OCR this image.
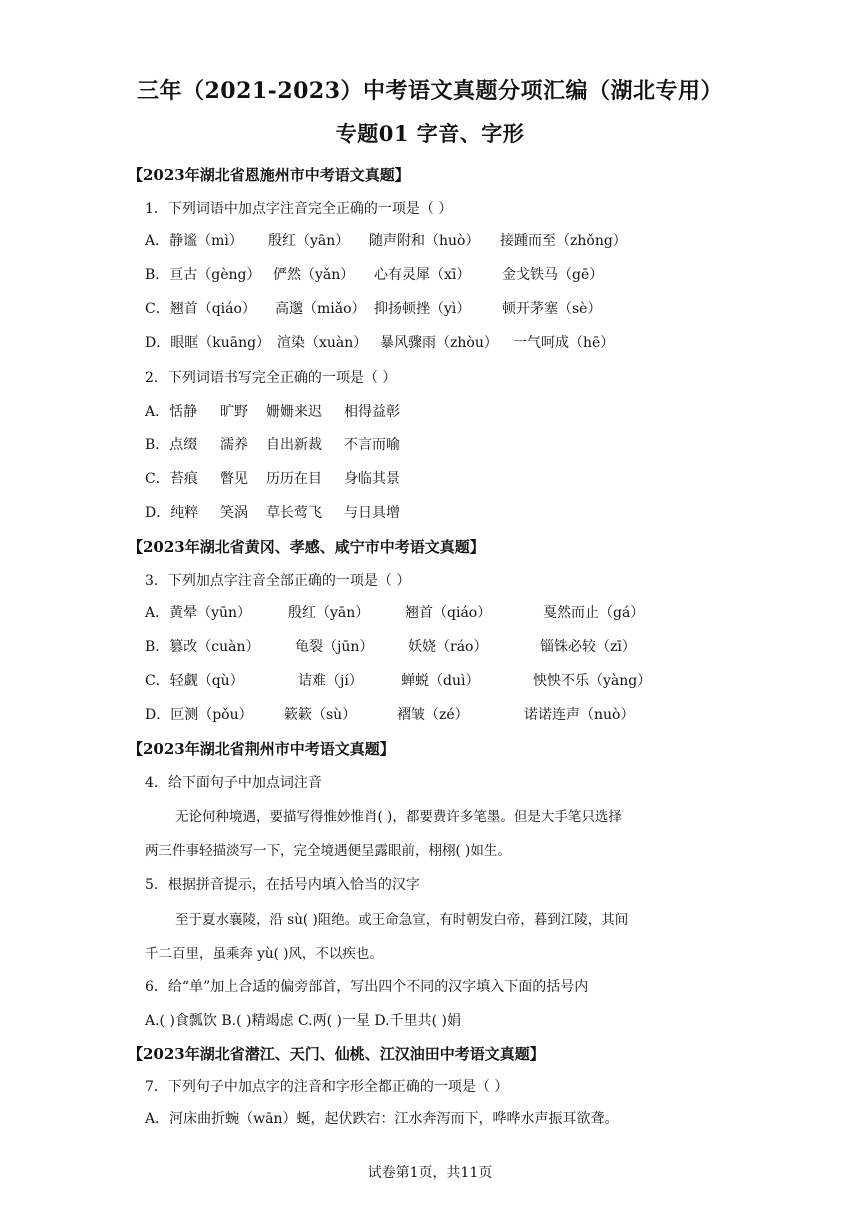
三年（2021-2023）中考语文真题分项汇编（湖北专用）
专题01 字音、字形
【2023年湖北省恩施州市中考语文真题】
1．下列词语中加点字注音完全正确的一项是（ ）
A．静谧（mì） 殷红（yān） 随声附和（huò） 接踵而至（zhǒng）
B．亘古（gèng） 俨然（yǎn） 心有灵犀（xī） 金戈铁马（gē）
C．翘首（qiáo） 高邈（miǎo） 抑扬顿挫（yì） 顿开茅塞（sè）
D．眼眶（kuāng） 渲染（xuàn） 暴风骤雨（zhòu） 一气呵成（hē）
2．下列词语书写完全正确的一项是（ ）
A．恬静 旷野 姗姗来迟 相得益彰
B．点缀 濡养 自出新裁 不言而喻
C．苔痕 瞥见 历历在目 身临其景
D．纯粹 笑涡 草长莺飞 与日具增
【2023年湖北省黄冈、孝感、咸宁市中考语文真题】
3．下列加点字注音全部正确的一项是（ ）
A．黄晕（yūn）	殷红（yān）	翘首（qiáo）	戛然而止（gá）
B．篡改（cuàn）	龟裂（jūn） 妖娆（ráo）	锱铢必较（zī）
C．轻觑（qù）	诘难（jí）	蝉蜕（duì）	怏怏不乐（yàng）
D．叵测（pǒu） 簌簌（sù）	褶皱（zé）	诺诺连声（nuò）
【2023年湖北省荆州市中考语文真题】
4．给下面句子中加点词注音
无论何种境遇，要描写得惟妙惟肖( )，都要费许多笔墨。但是大手笔只选择
两三件事轻描淡写一下，完全境遇便呈露眼前，栩栩( )如生。
5．根据拼音提示，在括号内填入恰当的汉字
至于夏水襄陵，沿 sù( )阻绝。或王命急宣，有时朝发白帝，暮到江陵，其间
千二百里，虽乘奔 yù( )风，不以疾也。
6．给“单”加上合适的偏旁部首，写出四个不同的汉字填入下面的括号内
A.( )食瓢饮 B.( )精竭虑 C.两( )一星 D.千里共( )娟
【2023年湖北省潜江、天门、仙桃、江汉油田中考语文真题】
7．下列句子中加点字的注音和字形全都正确的一项是（ ）
A．河床曲折蜿（wān）蜒，起伏跌宕：江水奔泻而下，哗哗水声振耳欲聋。
试卷第1页，共11页
